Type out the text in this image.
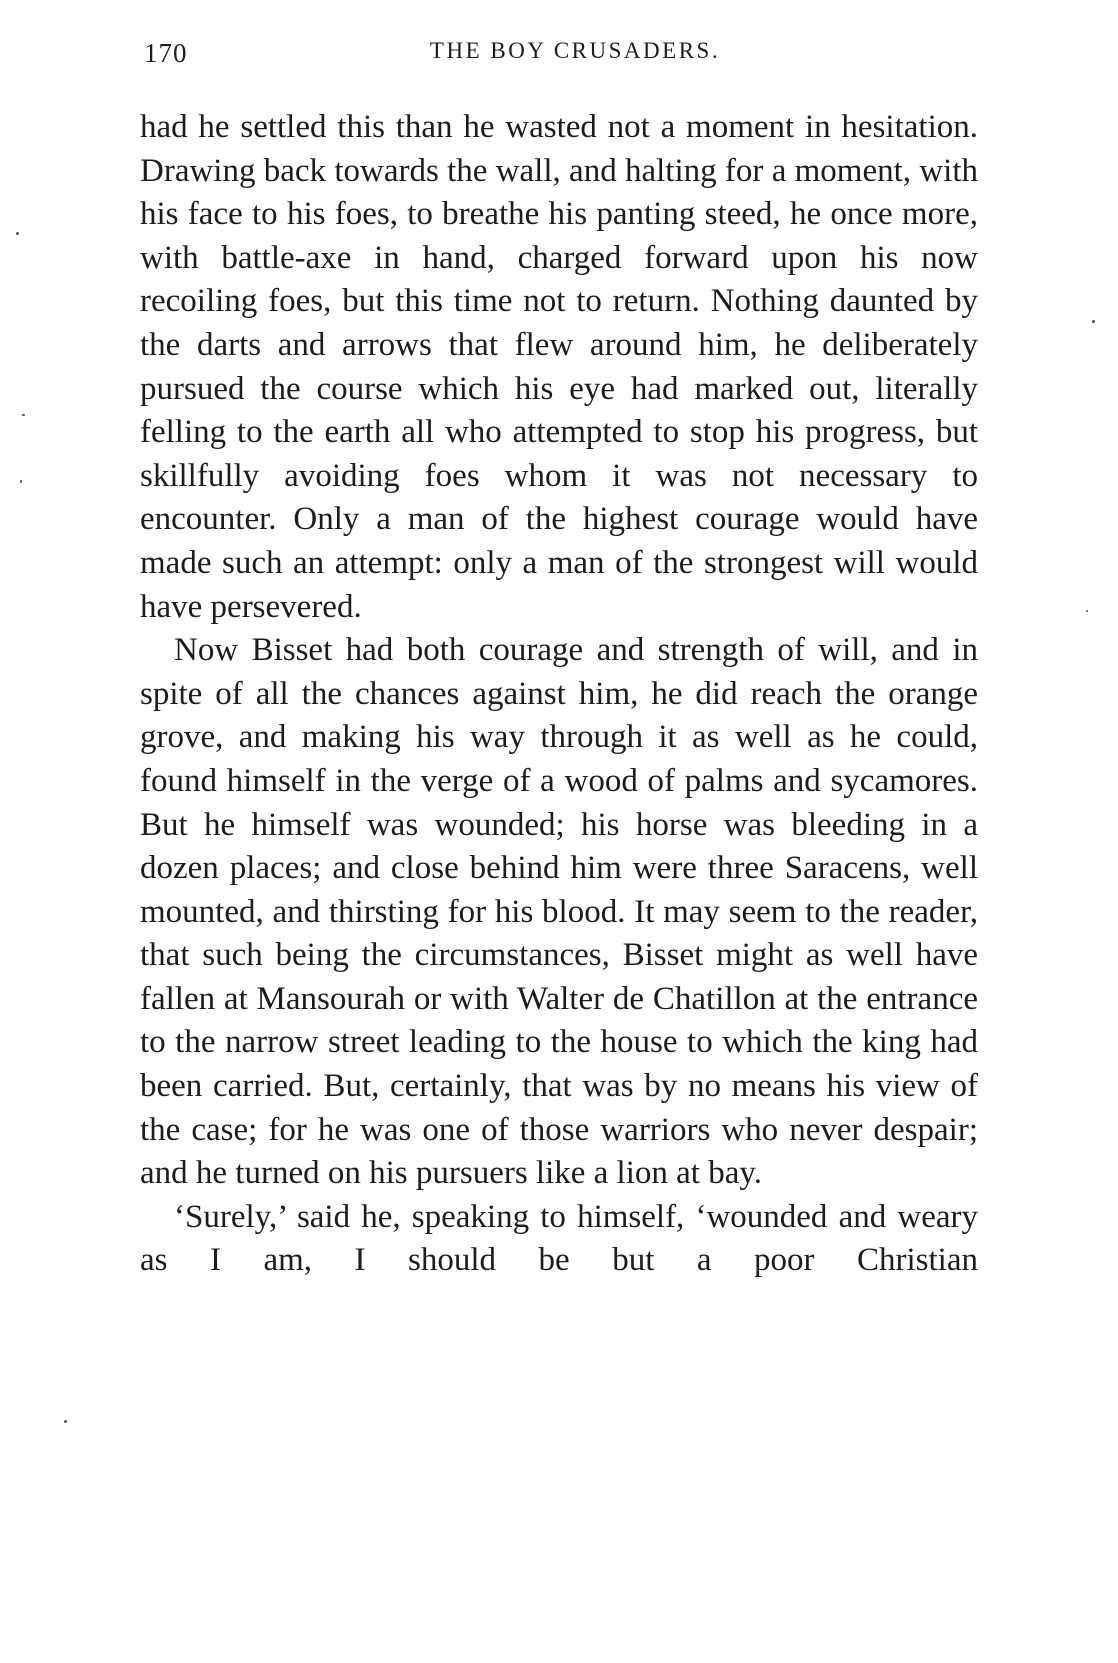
170	THE BOY CRUSADERS.

had he settled this than he wasted not a moment in hesitation. Drawing back towards the wall, and halting for a moment, with his face to his foes, to breathe his panting steed, he once more, with battle-axe in hand, charged forward upon his now recoiling foes, but this time not to return. Nothing daunted by the darts and arrows that flew around him, he deliberately pursued the course which his eye had marked out, literally felling to the earth all who attempted to stop his progress, but skillfully avoiding foes whom it was not necessary to encounter. Only a man of the highest courage would have made such an attempt: only a man of the strongest will would have persevered.

Now Bisset had both courage and strength of will, and in spite of all the chances against him, he did reach the orange grove, and making his way through it as well as he could, found himself in the verge of a wood of palms and sycamores. But he himself was wounded; his horse was bleeding in a dozen places; and close behind him were three Saracens, well mounted, and thirsting for his blood. It may seem to the reader, that such being the circumstances, Bisset might as well have fallen at Mansourah or with Walter de Chatillon at the entrance to the narrow street leading to the house to which the king had been carried. But, certainly, that was by no means his view of the case; for he was one of those warriors who never despair; and he turned on his pursuers like a lion at bay.

‘Surely,’ said he, speaking to himself, ‘wounded and weary as I am, I should be but a poor Christian
